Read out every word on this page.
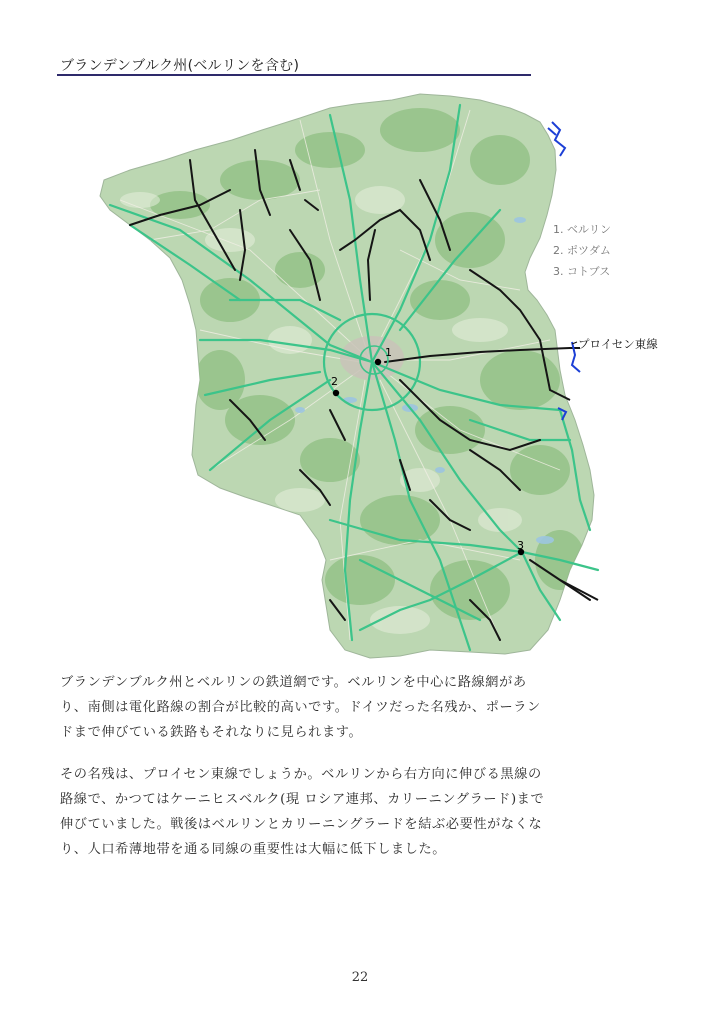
ブランデンブルク州(ベルリンを含む)
1
2
3
1. ベルリン
2. ポツダム
3. コトブス
プロイセン東線

ブランデンブルク州とベルリンの鉄道網です。ベルリンを中心に路線網があり、南側は電化路線の割合が比較的高いです。ドイツだった名残か、ポーランドまで伸びている鉄路もそれなりに見られます。

その名残は、プロイセン東線でしょうか。ベルリンから右方向に伸びる黒線の路線で、かつてはケーニヒスベルク(現 ロシア連邦、カリーニングラード)まで伸びていました。戦後はベルリンとカリーニングラードを結ぶ必要性がなくなり、人口希薄地帯を通る同線の重要性は大幅に低下しました。

22
